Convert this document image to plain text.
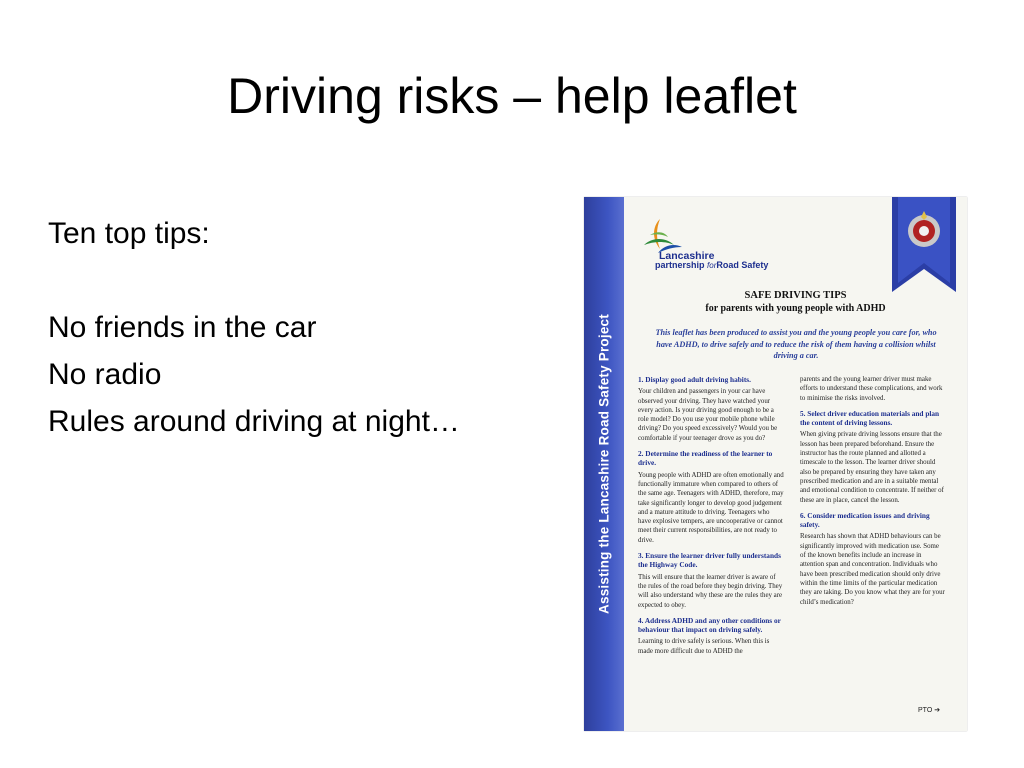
Driving risks – help leaflet
Ten top tips:
No friends in the car
No radio
Rules around driving at night…	Assisting the Lancashire Road Safety Project
Lancashire
partnership forRoad Safety
SAFE DRIVING TIPS
for parents with young people with ADHD
This leaflet has been produced to assist you and the young people you care for, who have ADHD, to drive safely and to reduce the risk of them having a collision whilst driving a car.
1. Display good adult driving habits.

Your children and passengers in your car have observed your driving. They have watched your every action. Is your driving good enough to be a role model? Do you use your mobile phone while driving? Do you speed excessively? Would you be comfortable if your teenager drove as you do?

2. Determine the readiness of the learner to drive.

Young people with ADHD are often emotionally and functionally immature when compared to others of the same age. Teenagers with ADHD, therefore, may take significantly longer to develop good judgement and a mature attitude to driving. Teenagers who have explosive tempers, are uncooperative or cannot meet their current responsibilities, are not ready to drive.

3. Ensure the learner driver fully understands the Highway Code.

This will ensure that the learner driver is aware of the rules of the road before they begin driving. They will also understand why these are the rules they are expected to obey.

4. Address ADHD and any other conditions or behaviour that impact on driving safely.

Learning to drive safely is serious. When this is made more difficult due to ADHD the

parents and the young learner driver must make efforts to understand these complications, and work to minimise the risks involved.

5. Select driver education materials and plan the content of driving lessons.

When giving private driving lessons ensure that the lesson has been prepared beforehand. Ensure the instructor has the route planned and allotted a timescale to the lesson. The learner driver should also be prepared by ensuring they have taken any prescribed medication and are in a suitable mental and emotional condition to concentrate. If neither of these are in place, cancel the lesson.

6. Consider medication issues and driving safety.

Research has shown that ADHD behaviours can be significantly improved with medication use. Some of the known benefits include an increase in attention span and concentration. Individuals who have been prescribed medication should only drive within the time limits of the particular medication they are taking. Do you know what they are for your child’s medication?

PTO ➔
